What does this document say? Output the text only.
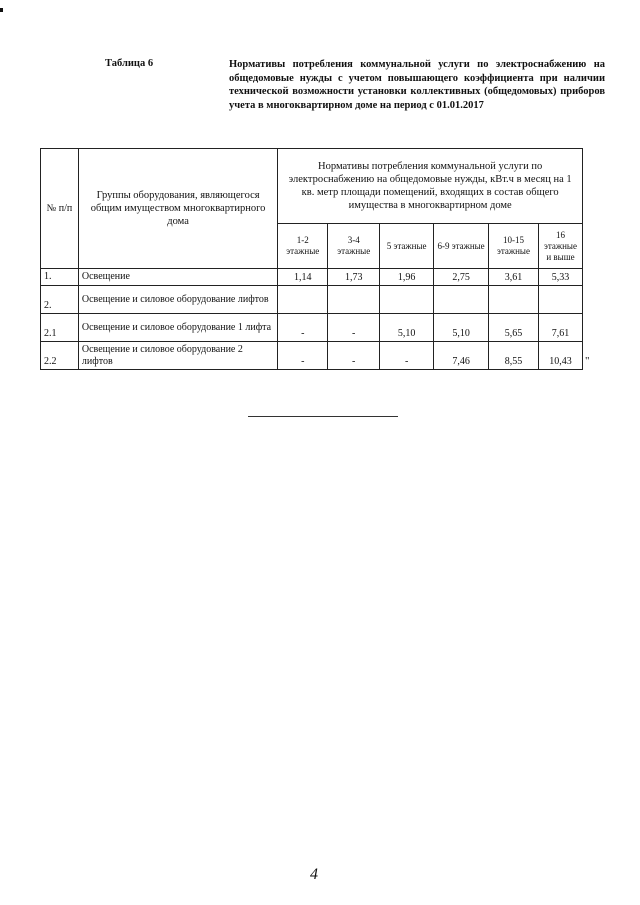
Таблица 6	Нормативы потребления коммунальной услуги по электроснабжению на общедомовые нужды с учетом повышающего коэффициента при наличии технической возможности установки коллективных (общедомовых) приборов учета в многоквартирном доме на период с 01.01.2017
№ п/п	Группы оборудования, являющегося общим имуществом многоквартирного дома	Нормативы потребления коммунальной услуги по электроснабжению на общедомовые нужды, кВт.ч в месяц на 1 кв. метр площади помещений, входящих в состав общего имущества в многоквартирном доме					
		1-2 этажные	3-4 этажные	5 этажные	6-9 этажные	10-15 этажные	16 этажные и выше
1.	Освещение	1,14	1,73	1,96	2,75	3,61	5,33
2.	Освещение и силовое оборудование лифтов						
2.1	Освещение и силовое оборудование 1 лифта	-	-	5,10	5,10	5,65	7,61
2.2	Освещение и силовое оборудование 2 лифтов	-	-	-	7,46	8,55	10,43 "
4
